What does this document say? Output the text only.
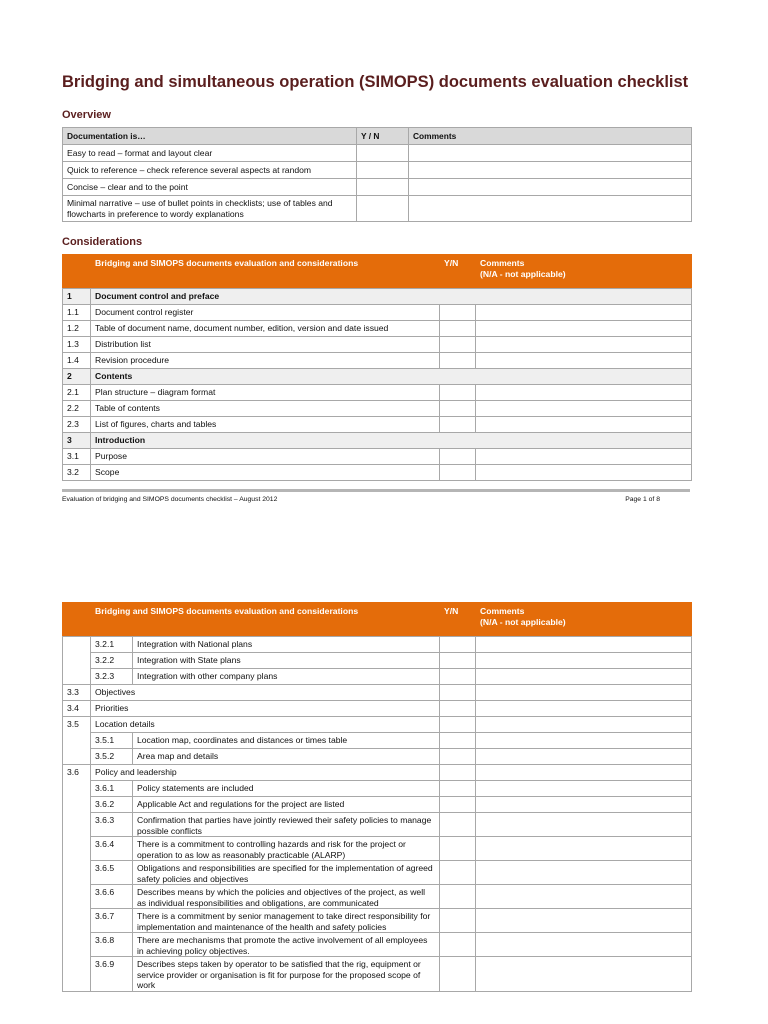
Bridging and simultaneous operation (SIMOPS) documents evaluation checklist
Overview
Documentation is…	Y / N	Comments
Easy to read – format and layout clear		
Quick to reference – check reference several aspects at random		
Concise – clear and to the point		
Minimal narrative – use of bullet points in checklists; use of tables and flowcharts in preference to wordy explanations		
Considerations
	Bridging and SIMOPS documents evaluation and considerations	Y/N	Comments
(N/A - not applicable)

1	Document control and preface		
1.1	Document control register		
1.2	Table of document name, document number, edition, version and date issued		
1.3	Distribution list		
1.4	Revision procedure		
2	Contents		
2.1	Plan structure – diagram format		
2.2	Table of contents		
2.3	List of figures, charts and tables		
3	Introduction		
3.1	Purpose		
3.2	Scope		
Evaluation of bridging and SIMOPS documents checklist – August 2012	Page 1 of 8
	Bridging and SIMOPS documents evaluation and considerations		Y/N	Comments
(N/A - not applicable)

	3.2.1	Integration with National plans		
	3.2.2	Integration with State plans		
	3.2.3	Integration with other company plans		
3.3	Objectives			
3.4	Priorities			
3.5	Location details			
	3.5.1	Location map, coordinates and distances or times table		
	3.5.2	Area map and details		
3.6	Policy and leadership			
	3.6.1	Policy statements are included		
	3.6.2	Applicable Act and regulations for the project are listed		
	3.6.3	Confirmation that parties have jointly reviewed their safety policies to manage possible conflicts		
	3.6.4	There is a commitment to controlling hazards and risk for the project or operation to as low as reasonably practicable (ALARP)		
	3.6.5	Obligations and responsibilities are specified for the implementation of agreed safety policies and objectives		
	3.6.6	Describes means by which the policies and objectives of the project, as well as individual responsibilities and obligations, are communicated		
	3.6.7	There is a commitment by senior management to take direct responsibility for implementation and maintenance of the health and safety policies		
	3.6.8	There are mechanisms that promote the active involvement of all employees in achieving policy objectives.		
	3.6.9	Describes steps taken by operator to be satisfied that the rig, equipment or service provider or organisation is fit for purpose for the proposed scope of work		
